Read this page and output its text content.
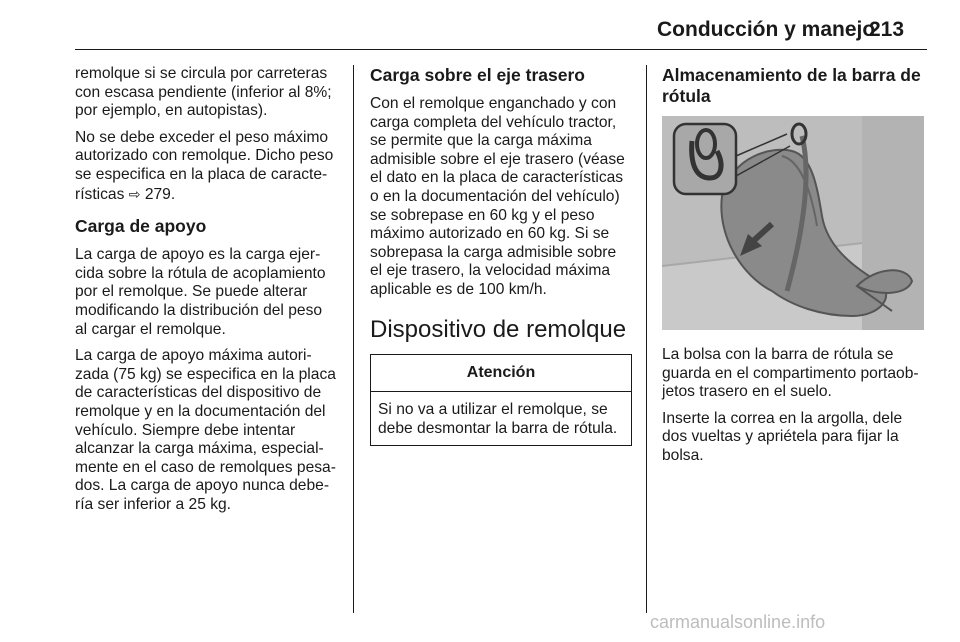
Conducción y manejo
213

remolque si se circula por carreteras
con escasa pendiente (inferior al 8%;
por ejemplo, en autopistas).

No se debe exceder el peso máximo
autorizado con remolque. Dicho peso
se especifica en la placa de caracte-
rísticas ⇨ 279.

Carga de apoyo

La carga de apoyo es la carga ejer-
cida sobre la rótula de acoplamiento
por el remolque. Se puede alterar
modificando la distribución del peso
al cargar el remolque.

La carga de apoyo máxima autori-
zada (75 kg) se especifica en la placa
de características del dispositivo de
remolque y en la documentación del
vehículo. Siempre debe intentar
alcanzar la carga máxima, especial-
mente en el caso de remolques pesa-
dos. La carga de apoyo nunca debe-
ría ser inferior a 25 kg.

Carga sobre el eje trasero

Con el remolque enganchado y con
carga completa del vehículo tractor,
se permite que la carga máxima
admisible sobre el eje trasero (véase
el dato en la placa de características
o en la documentación del vehículo)
se sobrepase en 60 kg y el peso
máximo autorizado en 60 kg. Si se
sobrepasa la carga admisible sobre
el eje trasero, la velocidad máxima
aplicable es de 100 km/h.

Dispositivo de remolque
Atención
Si no va a utilizar el remolque, se
debe desmontar la barra de rótula.
Almacenamiento de la barra de
rótula

La bolsa con la barra de rótula se
guarda en el compartimento portaob-
jetos trasero en el suelo.

Inserte la correa en la argolla, dele
dos vueltas y apriétela para fijar la
bolsa.

carmanualsonline.info
